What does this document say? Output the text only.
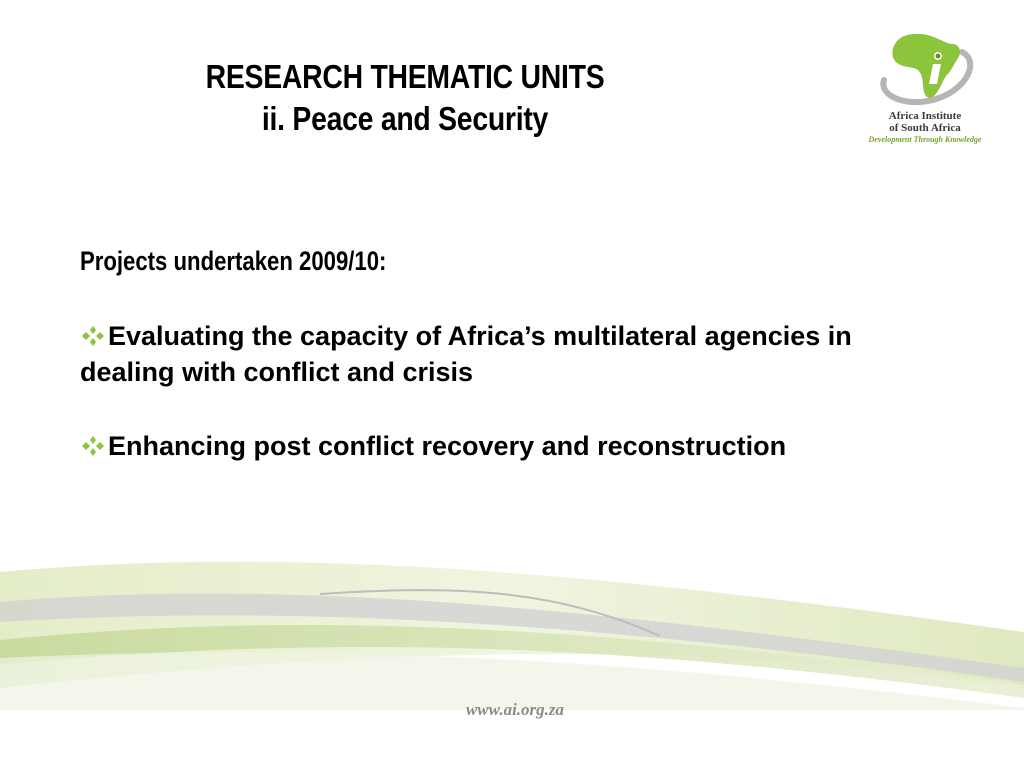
RESEARCH THEMATIC UNITS
ii. Peace and Security	Africa Institute
of South Africa
Development Through Knowledge
Projects undertaken 2009/10:
Evaluating the capacity of Africa’s multilateral agencies in dealing with conflict and crisis
Enhancing post conflict recovery and reconstruction
www.ai.org.za
